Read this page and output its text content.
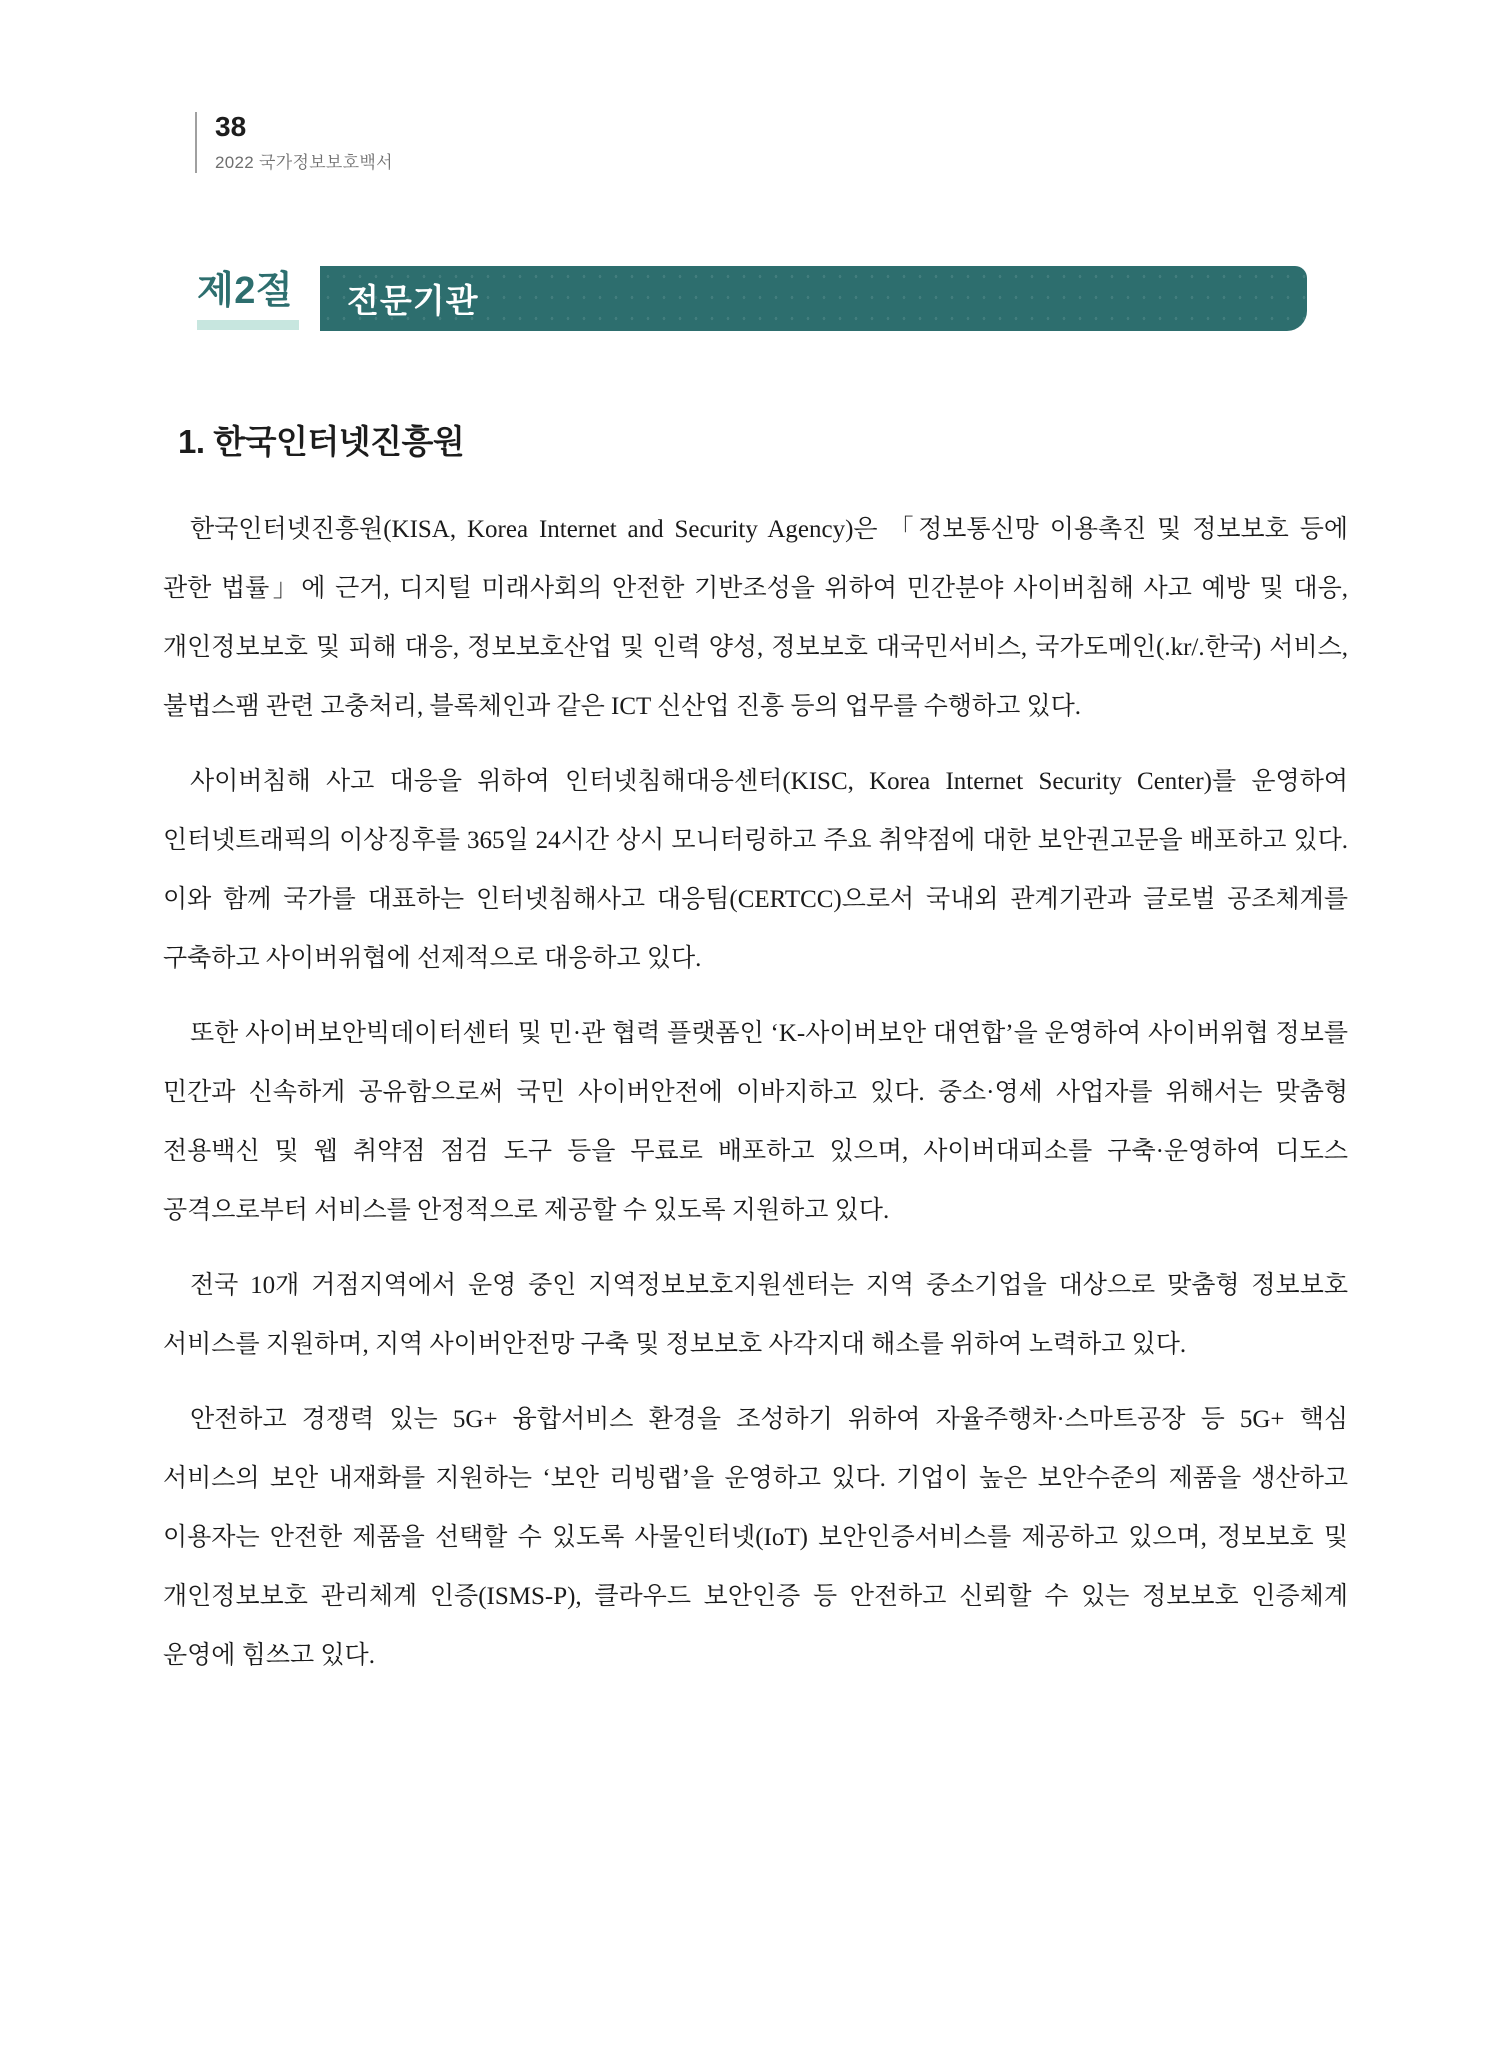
38
2022 국가정보보호백서
제2절 전문기관
1. 한국인터넷진흥원

한국인터넷진흥원(KISA, Korea Internet and Security Agency)은 「정보통신망 이용촉진 및 정보보호 등에 관한 법률」에 근거, 디지털 미래사회의 안전한 기반조성을 위하여 민간분야 사이버침해 사고 예방 및 대응, 개인정보보호 및 피해 대응, 정보보호산업 및 인력 양성, 정보보호 대국민서비스, 국가도메인(.kr/.한국) 서비스, 불법스팸 관련 고충처리, 블록체인과 같은 ICT 신산업 진흥 등의 업무를 수행하고 있다.

사이버침해 사고 대응을 위하여 인터넷침해대응센터(KISC, Korea Internet Security Center)를 운영하여 인터넷트래픽의 이상징후를 365일 24시간 상시 모니터링하고 주요 취약점에 대한 보안권고문을 배포하고 있다. 이와 함께 국가를 대표하는 인터넷침해사고 대응팀(CERTCC)으로서 국내외 관계기관과 글로벌 공조체계를 구축하고 사이버위협에 선제적으로 대응하고 있다.

또한 사이버보안빅데이터센터 및 민·관 협력 플랫폼인 ‘K-사이버보안 대연합’을 운영하여 사이버위협 정보를 민간과 신속하게 공유함으로써 국민 사이버안전에 이바지하고 있다. 중소·영세 사업자를 위해서는 맞춤형 전용백신 및 웹 취약점 점검 도구 등을 무료로 배포하고 있으며, 사이버대피소를 구축·운영하여 디도스 공격으로부터 서비스를 안정적으로 제공할 수 있도록 지원하고 있다.

전국 10개 거점지역에서 운영 중인 지역정보보호지원센터는 지역 중소기업을 대상으로 맞춤형 정보보호 서비스를 지원하며, 지역 사이버안전망 구축 및 정보보호 사각지대 해소를 위하여 노력하고 있다.

안전하고 경쟁력 있는 5G+ 융합서비스 환경을 조성하기 위하여 자율주행차·스마트공장 등 5G+ 핵심 서비스의 보안 내재화를 지원하는 ‘보안 리빙랩’을 운영하고 있다. 기업이 높은 보안수준의 제품을 생산하고 이용자는 안전한 제품을 선택할 수 있도록 사물인터넷(IoT) 보안인증서비스를 제공하고 있으며, 정보보호 및 개인정보보호 관리체계 인증(ISMS-P), 클라우드 보안인증 등 안전하고 신뢰할 수 있는 정보보호 인증체계 운영에 힘쓰고 있다.
